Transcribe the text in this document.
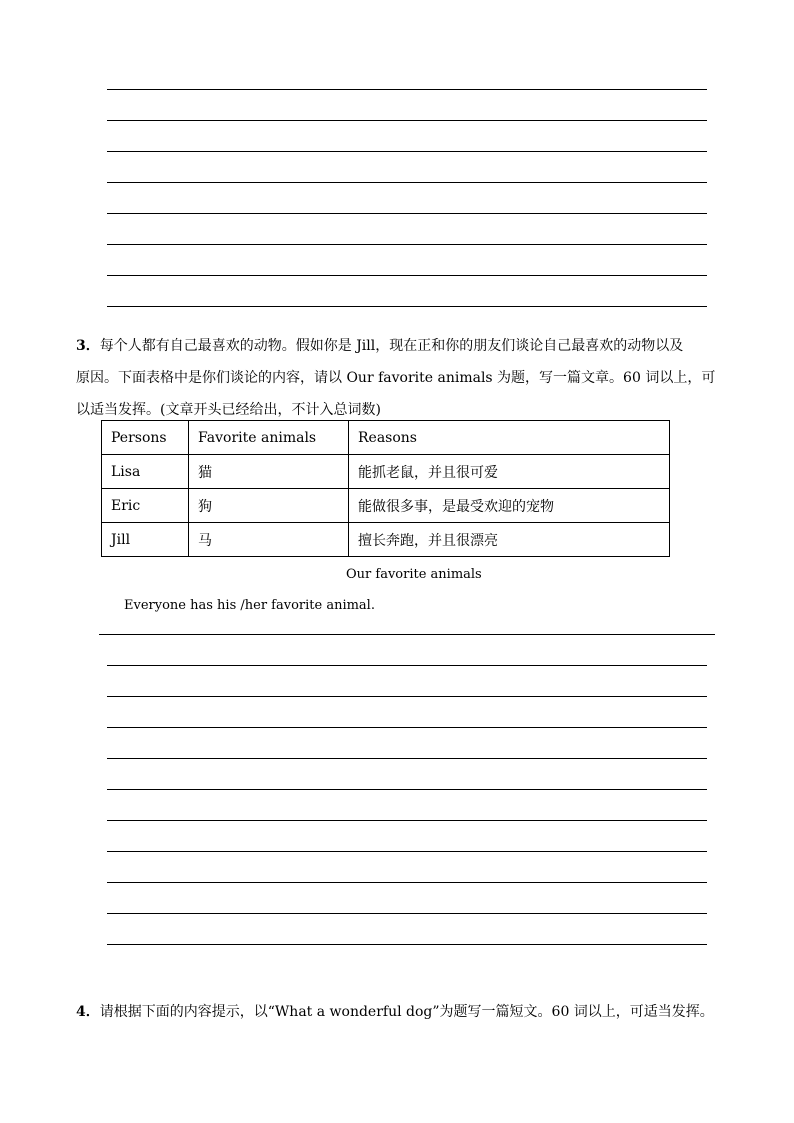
3．每个人都有自己最喜欢的动物。假如你是 Jill，现在正和你的朋友们谈论自己最喜欢的动物以及
原因。下面表格中是你们谈论的内容，请以 Our favorite animals 为题，写一篇文章。60 词以上，可
以适当发挥。(文章开头已经给出，不计入总词数)
Persons	Favorite animals	Reasons
Lisa	猫	能抓老鼠，并且很可爱
Eric	狗	能做很多事，是最受欢迎的宠物
Jill	马	擅长奔跑，并且很漂亮
Our favorite animals
Everyone has his /her favorite animal.
4．请根据下面的内容提示，以“What a wonderful dog”为题写一篇短文。60 词以上，可适当发挥。
